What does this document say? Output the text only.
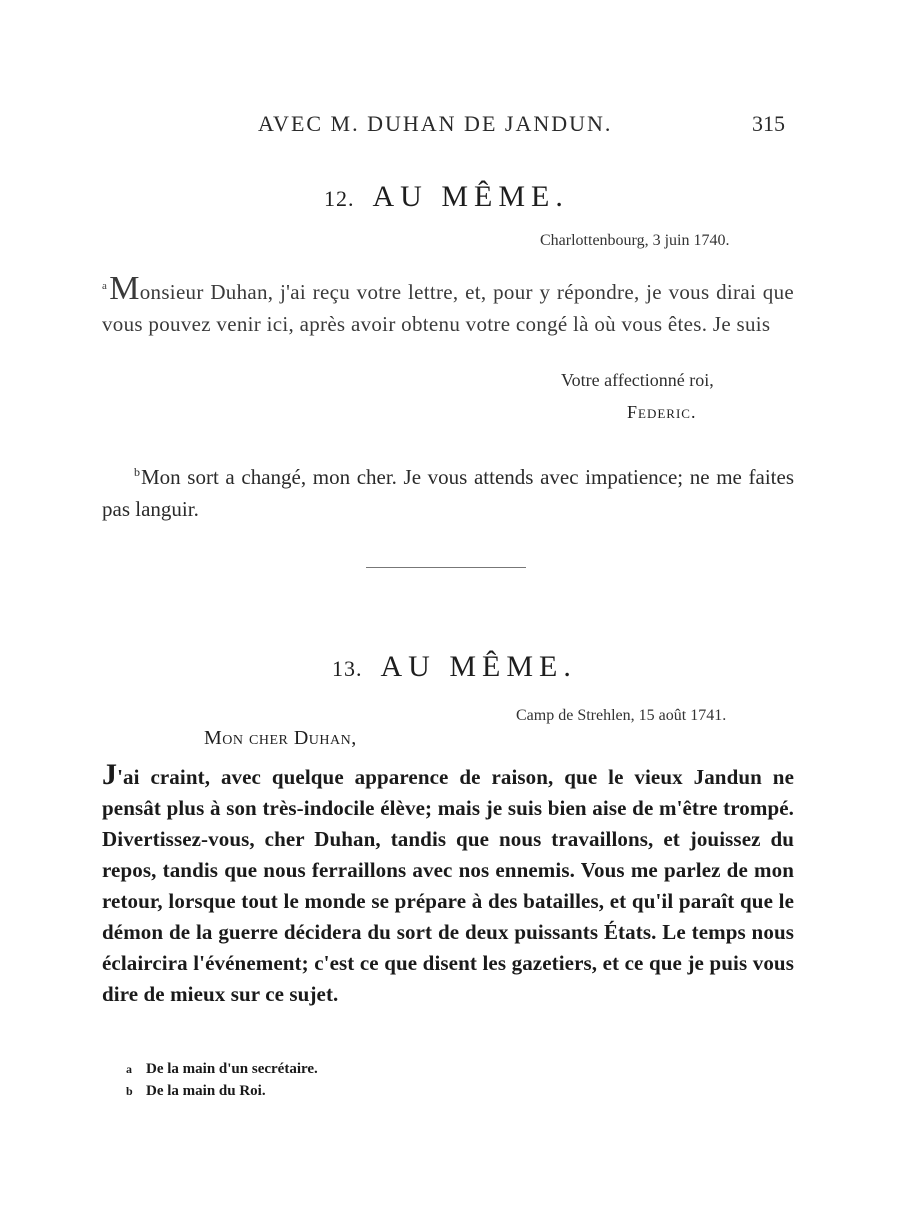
AVEC M. DUHAN DE JANDUN.	315
12. AU MÊME.
Charlottenbourg, 3 juin 1740.

$^a$Monsieur Duhan, j'ai reçu votre lettre, et, pour y répondre, je vous dirai que vous pouvez venir ici, après avoir obtenu votre congé là où vous êtes. Je suis

Votre affectionné roi,
Federic.

$^b$Mon sort a changé, mon cher. Je vous attends avec impatience; ne me faites pas languir.

13. AU MÊME.
Camp de Strehlen, 15 août 1741.
Mon cher Duhan,

J'ai craint, avec quelque apparence de raison, que le vieux Jandun ne pensât plus à son très-indocile élève; mais je suis bien aise de m'être trompé. Divertissez-vous, cher Duhan, tandis que nous travaillons, et jouissez du repos, tandis que nous ferraillons avec nos ennemis. Vous me parlez de mon retour, lorsque tout le monde se prépare à des batailles, et qu'il paraît que le démon de la guerre décidera du sort de deux puissants États. Le temps nous éclaircira l'événement; c'est ce que disent les gazetiers, et ce que je puis vous dire de mieux sur ce sujet.

a De la main d'un secrétaire.
b De la main du Roi.
